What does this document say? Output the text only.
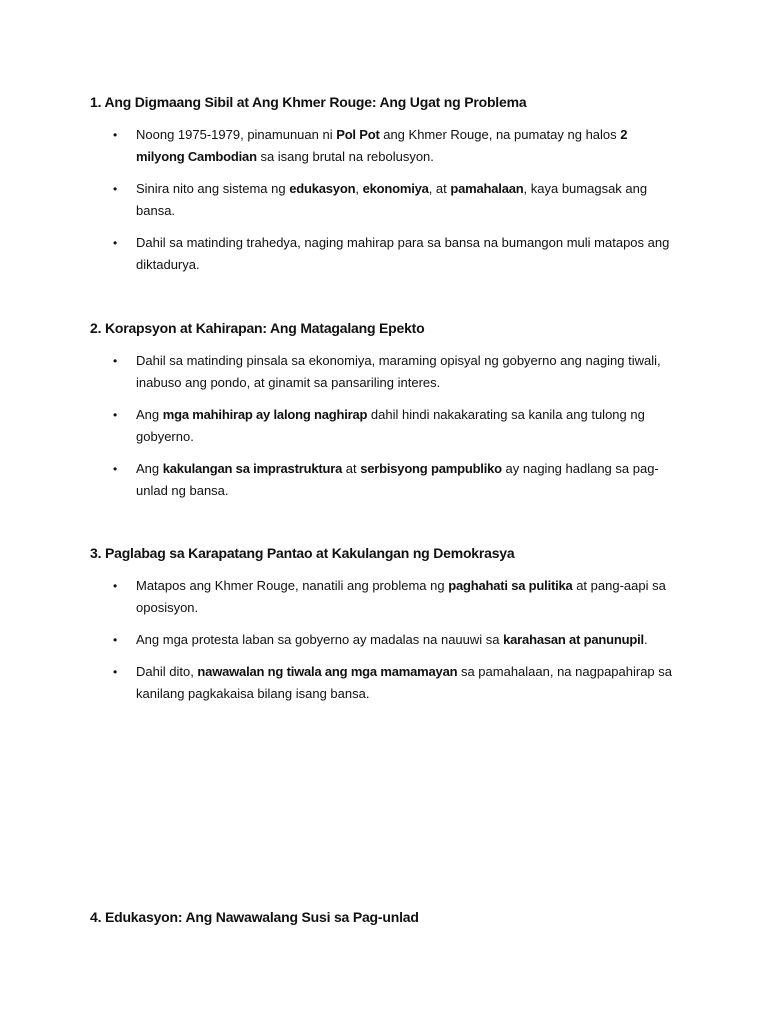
1. Ang Digmaang Sibil at Ang Khmer Rouge: Ang Ugat ng Problema
• Noong 1975-1979, pinamunuan ni Pol Pot ang Khmer Rouge, na pumatay ng halos 2 milyong Cambodian sa isang brutal na rebolusyon.
• Sinira nito ang sistema ng edukasyon, ekonomiya, at pamahalaan, kaya bumagsak ang bansa.
• Dahil sa matinding trahedya, naging mahirap para sa bansa na bumangon muli matapos ang diktadurya.
2. Korapsyon at Kahirapan: Ang Matagalang Epekto
• Dahil sa matinding pinsala sa ekonomiya, maraming opisyal ng gobyerno ang naging tiwali, inabuso ang pondo, at ginamit sa pansariling interes.
• Ang mga mahihirap ay lalong naghirap dahil hindi nakakarating sa kanila ang tulong ng gobyerno.
• Ang kakulangan sa imprastruktura at serbisyong pampubliko ay naging hadlang sa pag-unlad ng bansa.
3. Paglabag sa Karapatang Pantao at Kakulangan ng Demokrasya
• Matapos ang Khmer Rouge, nanatili ang problema ng paghahati sa pulitika at pang-aapi sa oposisyon.
• Ang mga protesta laban sa gobyerno ay madalas na nauuwi sa karahasan at panunupil.
• Dahil dito, nawawalan ng tiwala ang mga mamamayan sa pamahalaan, na nagpapahirap sa kanilang pagkakaisa bilang isang bansa.
4. Edukasyon: Ang Nawawalang Susi sa Pag-unlad
